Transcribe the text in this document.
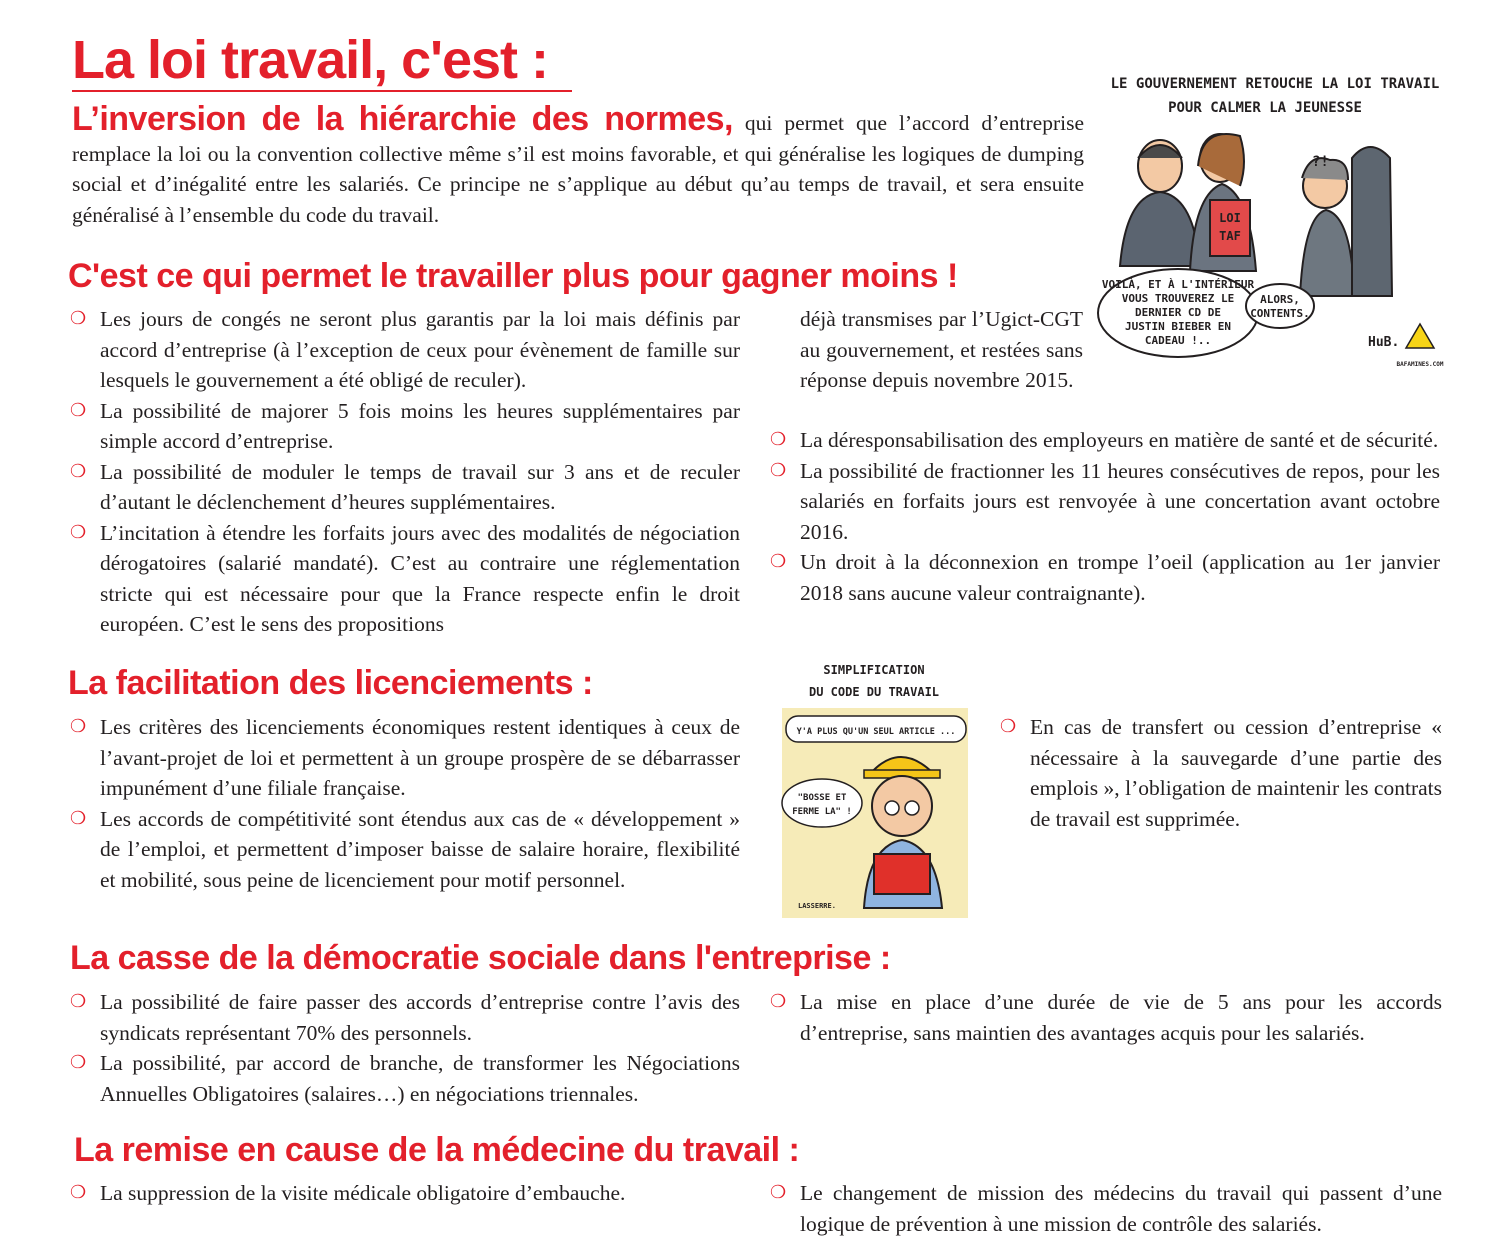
La loi travail, c'est :
L’inversion de la hiérarchie des normes, qui permet que l’accord d’entreprise remplace la loi ou la convention collective même s’il est moins favorable, et qui généralise les logiques de dumping social et d’inégalité entre les salariés. Ce principe ne s’applique au début qu’au temps de travail, et sera ensuite généralisé à l’ensemble du code du travail.
LE GOUVERNEMENT RETOUCHE LA LOI TRAVAIL
POUR CALMER LA JEUNESSE
LOI
TAF
?!
VOILÀ, ET À L'INTÉRIEUR
VOUS TROUVEREZ LE
DERNIER CD DE
JUSTIN BIEBER EN
CADEAU !..
ALORS,
CONTENTS.
HuB.
BAFAMINES.COM
C'est ce qui permet le travailler plus pour gagner moins !
❍ Les jours de congés ne seront plus garantis par la loi mais définis par accord d’entreprise (à l’exception de ceux pour évènement de famille sur lesquels le gouvernement a été obligé de reculer).
❍ La possibilité de majorer 5 fois moins les heures supplémentaires par simple accord d’entreprise.
❍ La possibilité de moduler le temps de travail sur 3 ans et de reculer d’autant le déclenchement d’heures supplémentaires.
❍ L’incitation à étendre les forfaits jours avec des modalités de négociation dérogatoires (salarié mandaté). C’est au contraire une réglementation stricte qui est nécessaire pour que la France respecte enfin le droit européen. C’est le sens des propositions
déjà transmises par l’Ugict-CGT au gouvernement, et restées sans réponse depuis novembre 2015.
❍ La déresponsabilisation des employeurs en matière de santé et de sécurité.
❍ La possibilité de fractionner les 11 heures consécutives de repos, pour les salariés en forfaits jours est renvoyée à une concertation avant octobre 2016.
❍ Un droit à la déconnexion en trompe l’oeil (application au 1er janvier 2018 sans aucune valeur contraignante).
La facilitation des licenciements :
❍ Les critères des licenciements économiques restent identiques à ceux de l’avant-projet de loi et permettent à un groupe prospère de se débarrasser impunément d’une filiale française.
❍ Les accords de compétitivité sont étendus aux cas de « développement » de l’emploi, et permettent d’imposer baisse de salaire horaire, flexibilité et mobilité, sous peine de licenciement pour motif personnel.
SIMPLIFICATION
DU CODE DU TRAVAIL
Y'A PLUS QU'UN SEUL ARTICLE ...
"BOSSE ET
FERME LA" !
LASSERRE.
❍ En cas de transfert ou cession d’entreprise « nécessaire à la sauvegarde d’une partie des emplois », l’obligation de maintenir les contrats de travail est supprimée.
La casse de la démocratie sociale dans l'entreprise :
❍ La possibilité de faire passer des accords d’entreprise contre l’avis des syndicats représentant 70% des personnels.
❍ La possibilité, par accord de branche, de transformer les Négociations Annuelles Obligatoires (salaires…) en négociations triennales.
❍ La mise en place d’une durée de vie de 5 ans pour les accords d’entreprise, sans maintien des avantages acquis pour les salariés.
La remise en cause de la médecine du travail :
❍ La suppression de la visite médicale obligatoire d’embauche.
❍	Le changement de mission des médecins du travail qui passent d’une logique de prévention à une mission de contrôle des salariés.
